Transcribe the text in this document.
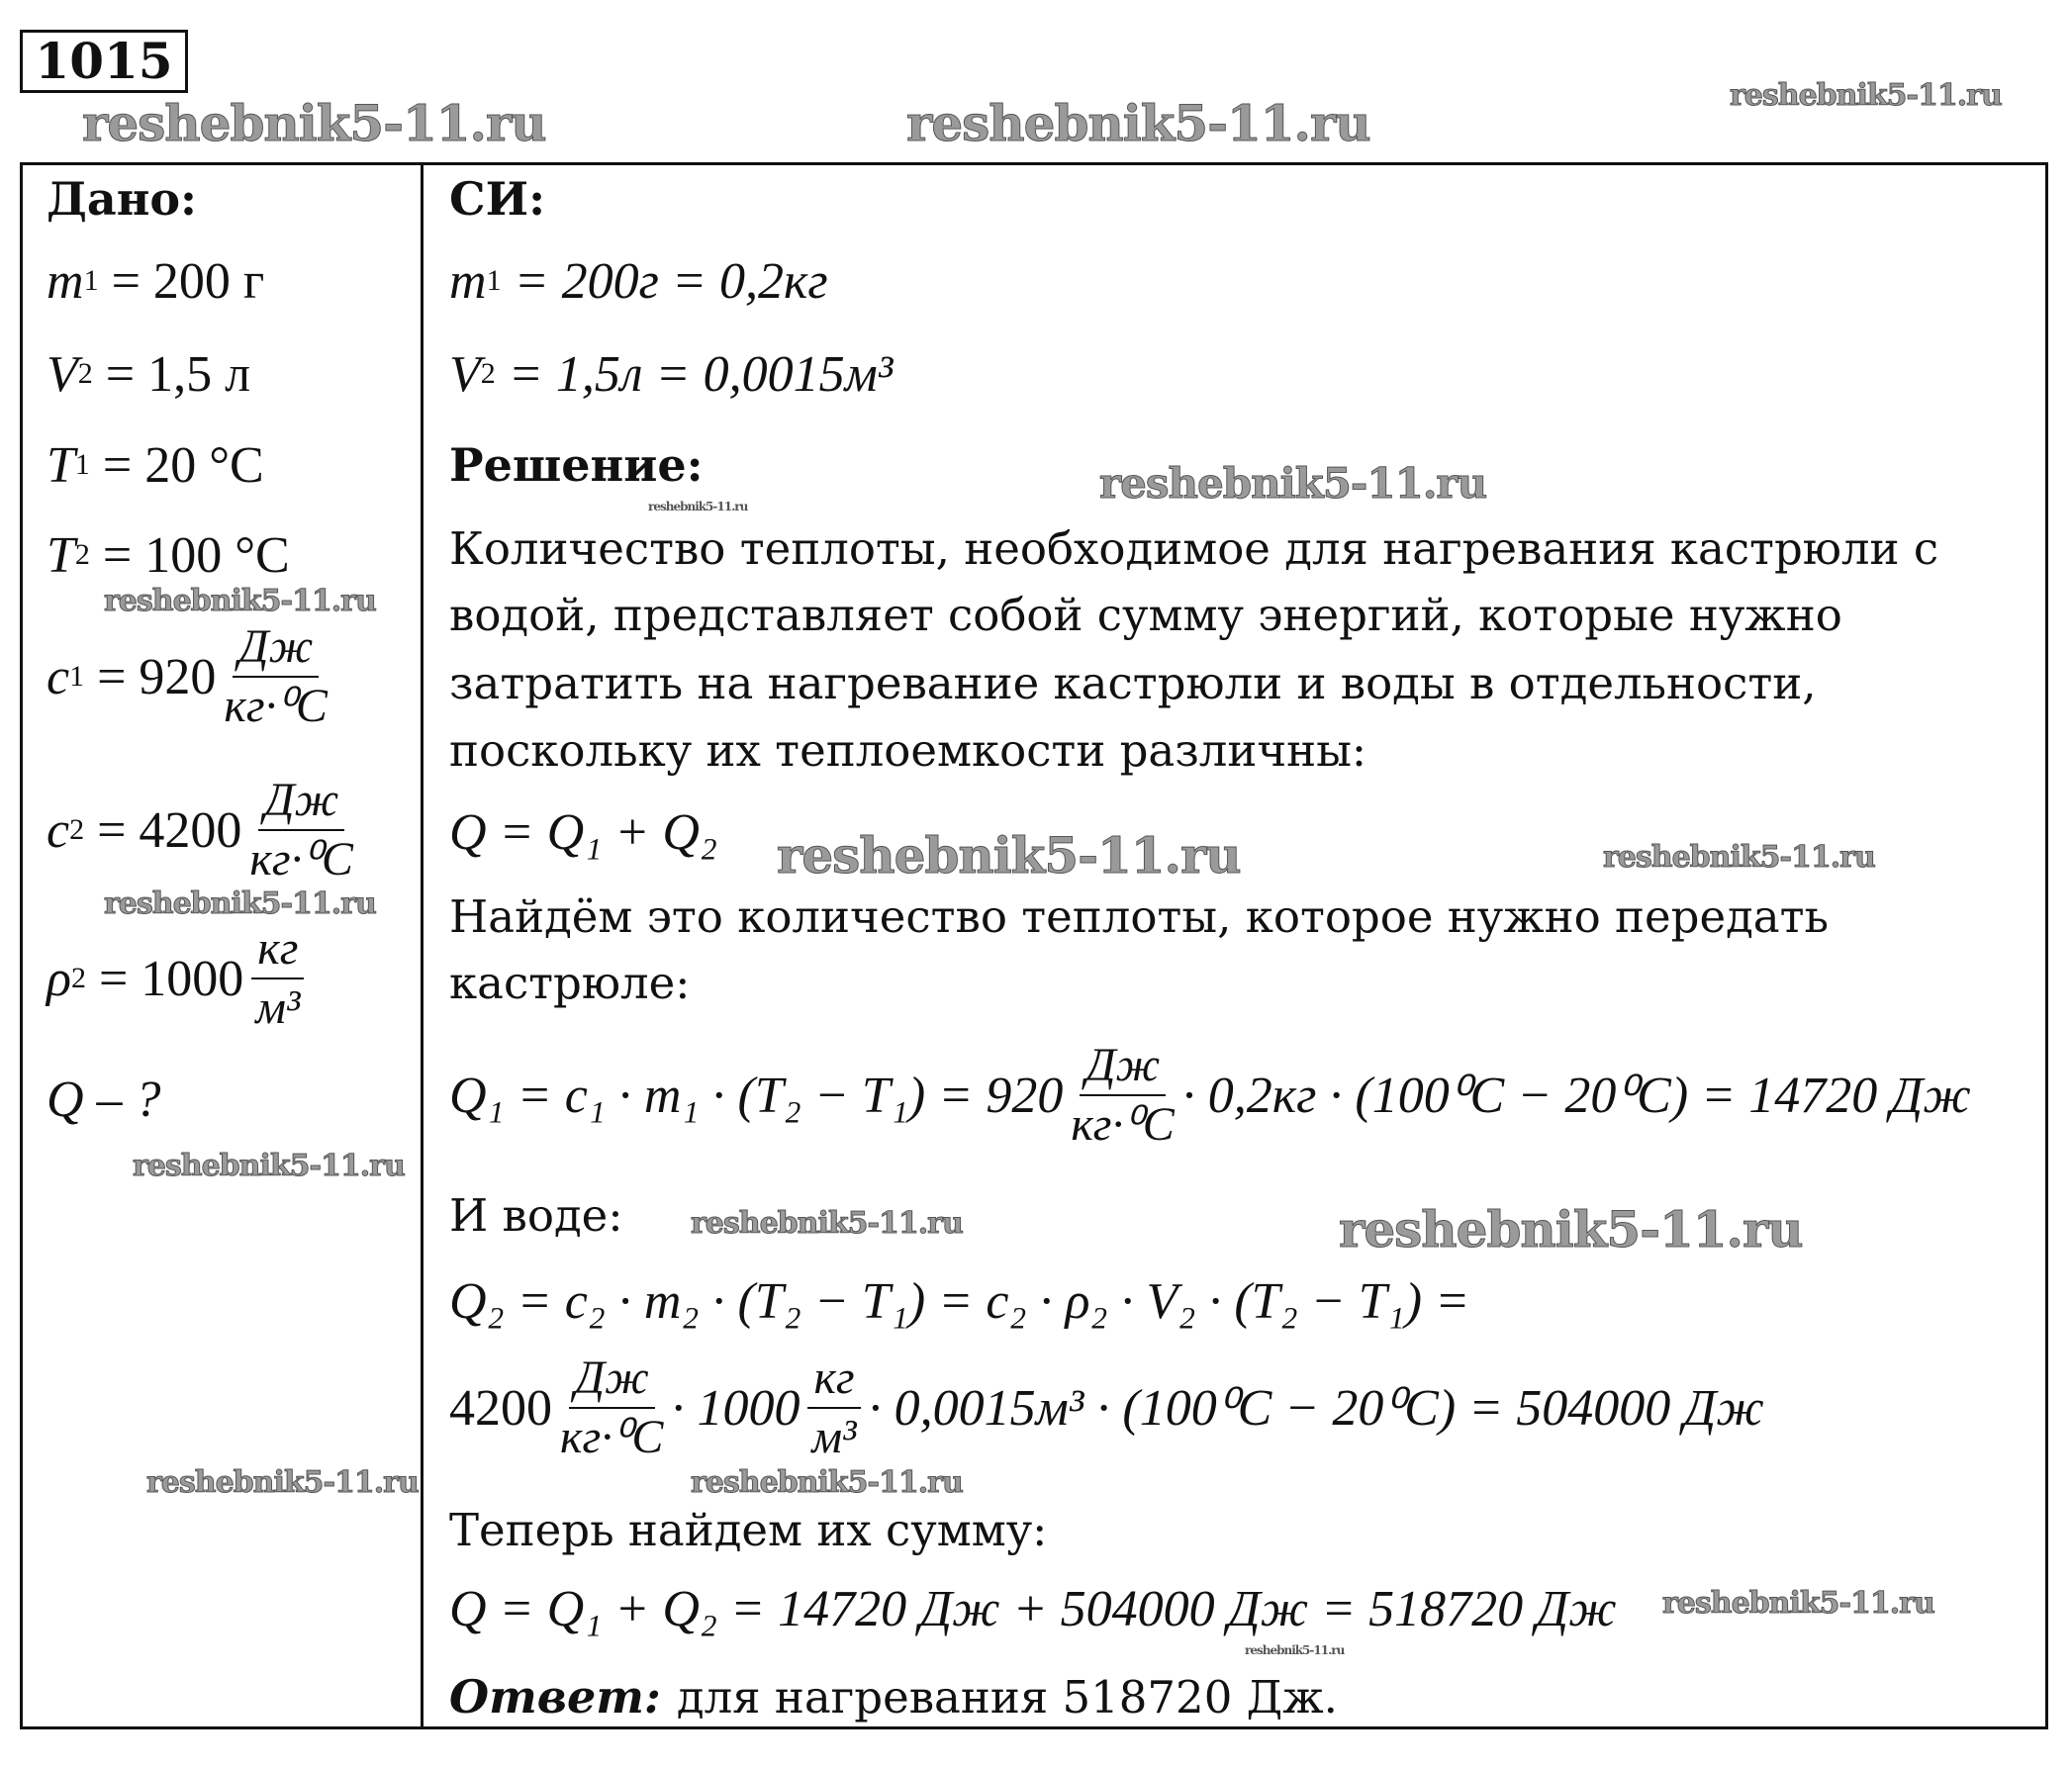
1015
Дано:
m 1
= 200 г
V 2
= 1,5 л
T 1
= 20 °C
T 2
= 100 °C
c 1
= $920 \frac{Дж}{\text{кг·⁰C}}$
c 2
= $4200 \frac{Дж}{\text{кг·⁰C}}$
ρ 2
= $1000 \frac{кг}{\text{м³}}$
Q – ?
СИ:
m 1
= 200г = 0,2кг
V 2
= 1,5л = 0,0015м³
Решение:
Количество теплоты, необходимое для нагревания кастрюли с
водой, представляет собой сумму энергий, которые нужно
затратить на нагревание кастрюли и воды в отдельности,
поскольку их теплоемкости различны:
Q = Q₁ + Q₂
Найдём это количество теплоты, которое нужно передать
кастрюле:
$Q_1 = c_1 \cdot m_1 \cdot (T_2 - T_1) = 920 \frac{Дж}{\text{кг·⁰C}} \cdot 0,2кг \cdot (100^0C - 20^0C) = 14720$ Дж
И воде:
Q₂ = c₂ · m₂ · (T₂ − T₁) = c₂ · ρ₂ · V₂ · (T₂ − T₁) =
$4200 \frac{Дж}{\text{кг·⁰C}} \cdot 1000 \frac{кг}{\text{м³}} \cdot 0,0015м^3 \cdot (100^0C - 20^0C) = 504000$ Дж
Теперь найдем их сумму:
Q = Q₁ + Q₂ = 14720 Дж + 504000 Дж = 518720 Дж
Ответ: для нагревания 518720 Дж.
reshebnik5-11.ru	reshebnik5-11.ru	reshebnik5-11.ru
reshebnik5-11.ru
reshebnik5-11.ru
reshebnik5-11.ru
reshebnik5-11.ru	reshebnik5-11.ru
reshebnik5-11.ru
reshebnik5-11.ru
reshebnik5-11.ru	reshebnik5-11.ru
reshebnik5-11.ru	reshebnik5-11.ru
reshebnik5-11.ru
reshebnik5-11.ru
